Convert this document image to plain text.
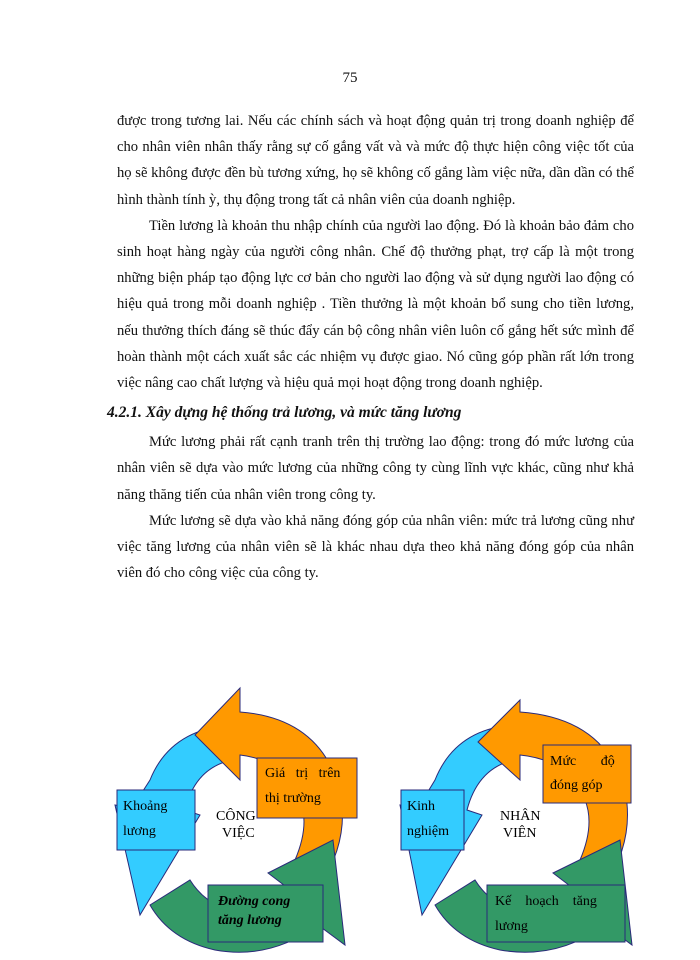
75

được trong tương lai. Nếu các chính sách và hoạt động quản trị trong doanh nghiệp để cho nhân viên nhân thấy rằng sự cố gắng vất và và mức độ thực hiện công việc tốt của họ sẽ không được đền bù tương xứng, họ sẽ không cố gắng làm việc nữa, dần dần có thể hình thành tính ỳ, thụ động trong tất cả nhân viên của doanh nghiệp.

Tiền lương là khoản thu nhập chính của người lao động. Đó là khoản bảo đảm cho sinh hoạt hàng ngày của người công nhân. Chế độ thưởng phạt, trợ cấp là một trong những biện pháp tạo động lực cơ bản cho người lao động và sử dụng người lao động có hiệu quả trong mỗi doanh nghiệp . Tiền thưởng là một khoản bổ sung cho tiền lương, nếu thưởng thích đáng sẽ thúc đẩy cán bộ công nhân viên luôn cố gắng hết sức mình để hoàn thành một cách xuất sắc các nhiệm vụ được giao. Nó cũng góp phần rất lớn trong việc nâng cao chất lượng và hiệu quả mọi hoạt động trong doanh nghiệp.

4.2.1. Xây dựng hệ thống trả lương, và mức tăng lương

Mức lương phải rất cạnh tranh trên thị trường lao động: trong đó mức lương của nhân viên sẽ dựa vào mức lương của những công ty cùng lĩnh vực khác, cũng như khả năng thăng tiến của nhân viên trong công ty.

Mức lương sẽ dựa vào khả năng đóng góp của nhân viên: mức trả lương cũng như việc tăng lương của nhân viên sẽ là khác nhau dựa theo khả năng đóng góp của nhân viên đó cho công việc của công ty.

Khoảng
lương
Giá   trị   trên
thị trường
Đường cong
tăng lương
CÔNG
VIỆC
Kinh
nghiệm
Mức       độ
đóng góp
Kế    hoạch    tăng
lương
NHÂN
VIÊN
